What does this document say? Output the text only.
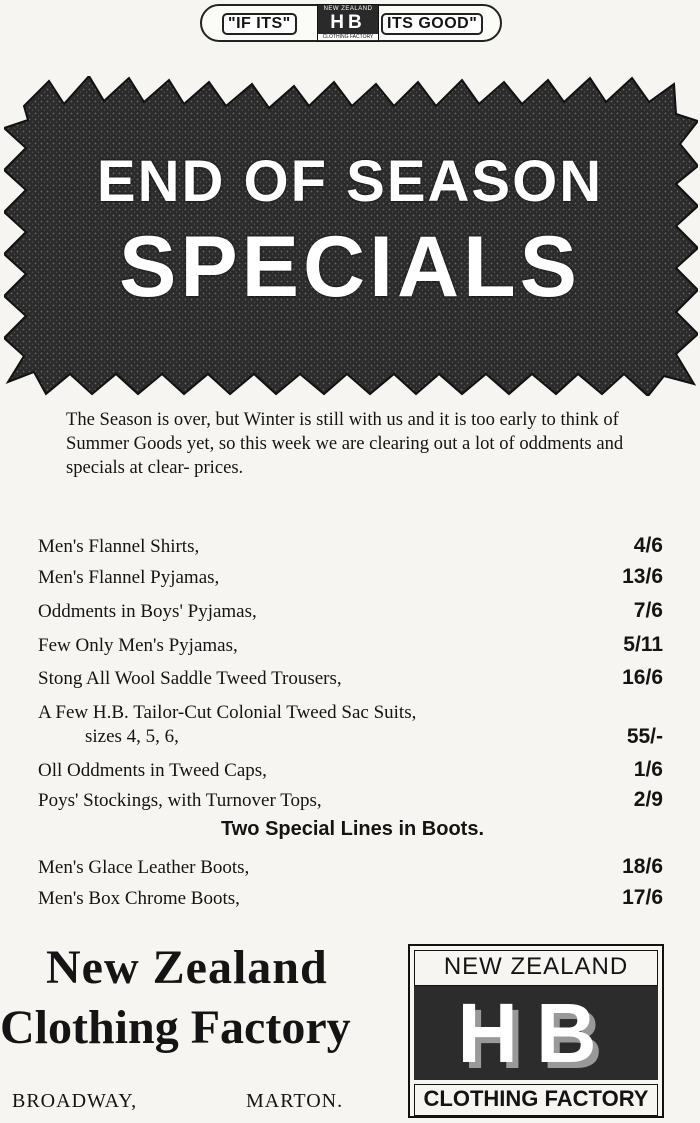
"IF ITS"
NEW ZEALAND
HB
CLOTHING FACTORY
ITS GOOD"
END OF SEASON
SPECIALS
The Season is over, but Winter is still with us and it is too early to think of Summer Goods yet, so this week we are clearing out a lot of oddments and specials at clear- prices.
Men's Flannel Shirts,	4/6
Men's Flannel Pyjamas,	13/6
Oddments in Boys' Pyjamas,	7/6
Few Only Men's Pyjamas,	5/11
Stong All Wool Saddle Tweed Trousers,	16/6
A Few H.B. Tailor-Cut Colonial Tweed Sac Suits,
sizes 4, 5, 6,	55/-
Oll Oddments in Tweed Caps,	1/6
Poys' Stockings, with Turnover Tops,	2/9
Two Special Lines in Boots.
Men's Glace Leather Boots,	18/6
Men's Box Chrome Boots,	17/6
New Zealand
Clothing Factory
BROADWAY,	MARTON.
NEW ZEALAND
HB
CLOTHING FACTORY
